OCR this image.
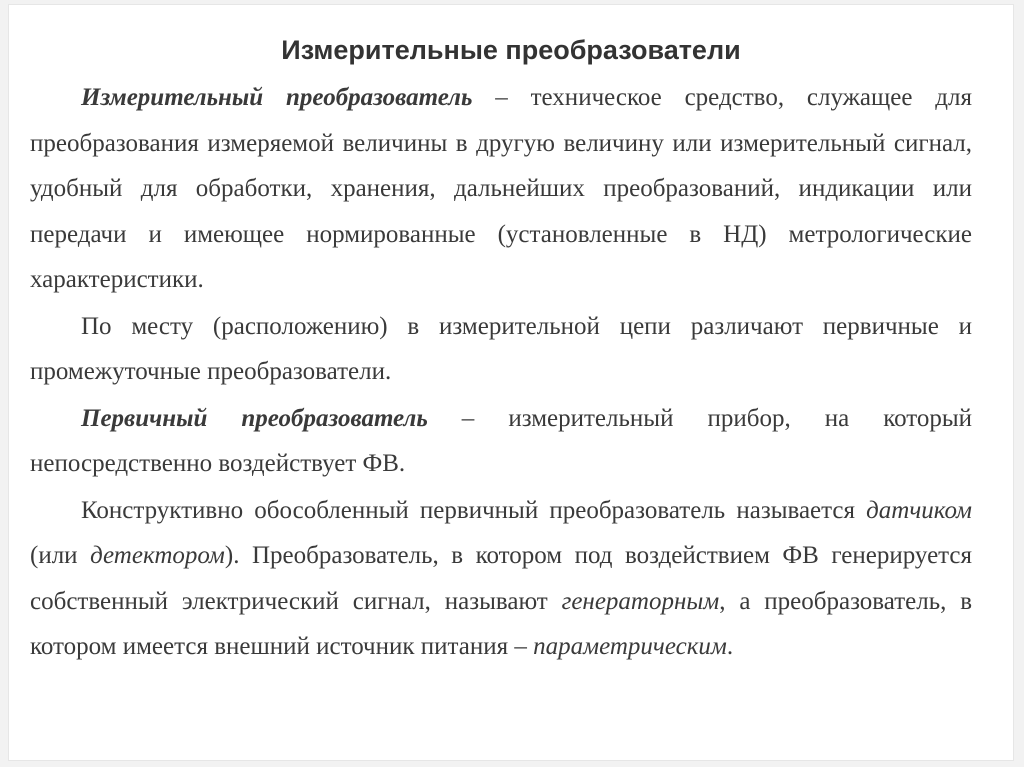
Измерительные преобразователи

Измерительный преобразователь – техническое средство, служащее для преобразования измеряемой величины в другую величину или измерительный сигнал, удобный для обработки, хранения, дальнейших преобразований, индикации или передачи и имеющее нормированные (установленные в НД) метрологические характеристики.

По месту (расположению) в измерительной цепи различают первичные и промежуточные преобразователи.

Первичный преобразователь – измерительный прибор, на который непосредственно воздействует ФВ.

Конструктивно обособленный первичный преобразователь называется датчиком (или детектором). Преобразователь, в котором под воздействием ФВ генерируется собственный электрический сигнал, называют генераторным, а преобразователь, в котором имеется внешний источник питания – параметрическим.
